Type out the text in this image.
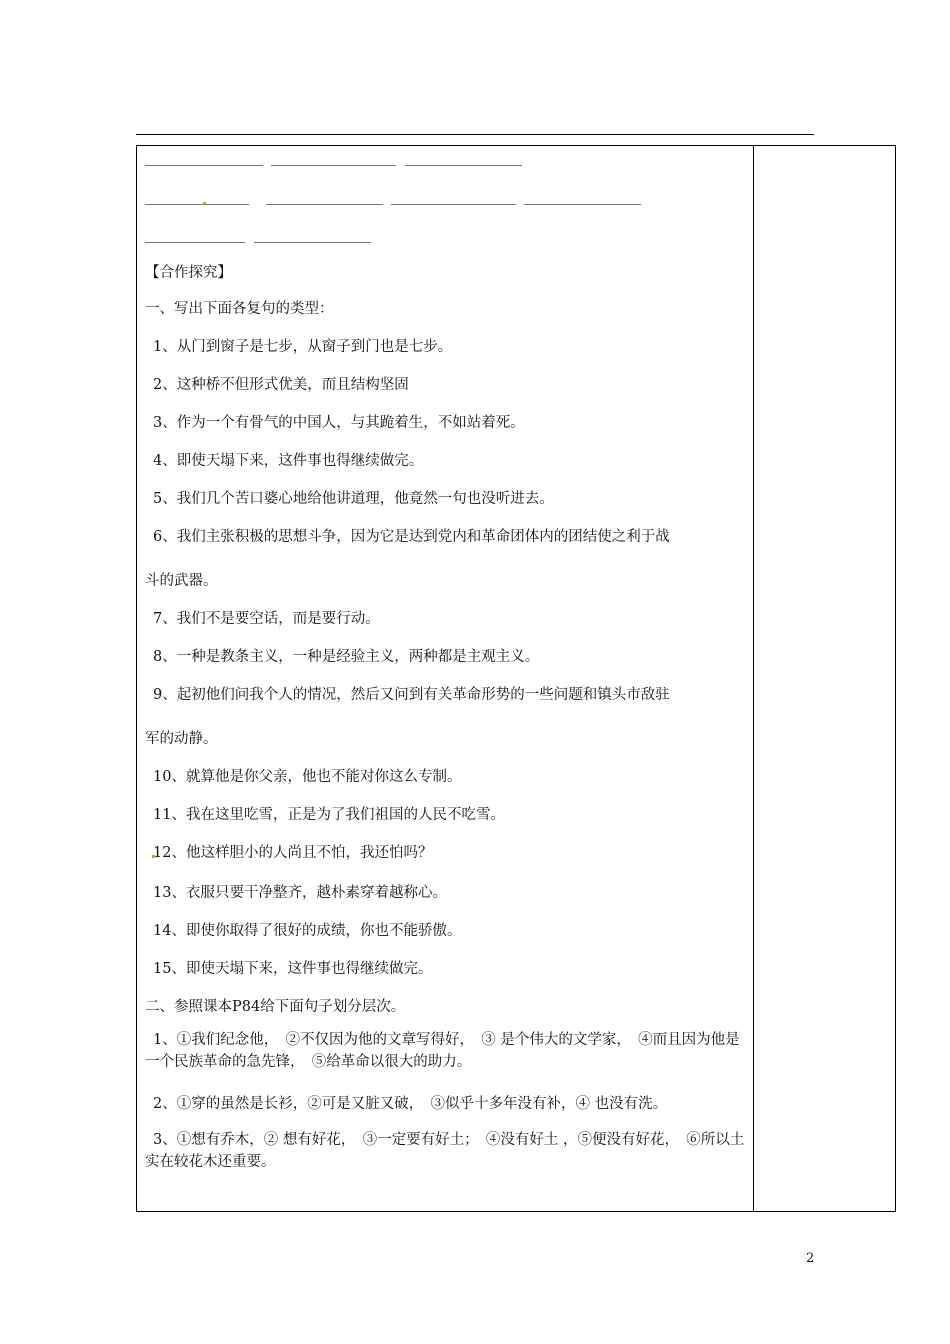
【合作探究】
一、写出下面各复句的类型：
1、从门到窗子是七步，从窗子到门也是七步。
2、这种桥不但形式优美，而且结构坚固
3、作为一个有骨气的中国人，与其跪着生，不如站着死。
4、即使天塌下来，这件事也得继续做完。
5、我们几个苦口婆心地给他讲道理，他竟然一句也没听进去。
6、我们主张积极的思想斗争，因为它是达到党内和革命团体内的团结使之利于战
斗的武器。
7、我们不是要空话，而是要行动。
8、一种是教条主义，一种是经验主义，两种都是主观主义。
9、起初他们问我个人的情况，然后又问到有关革命形势的一些问题和镇头市敌驻
军的动静。
10、就算他是你父亲，他也不能对你这么专制。
11、我在这里吃雪，正是为了我们祖国的人民不吃雪。
12、他这样胆小的人尚且不怕，我还怕吗？
13、衣服只要干净整齐，越朴素穿着越称心。
14、即使你取得了很好的成绩，你也不能骄傲。
15、即使天塌下来，这件事也得继续做完。
二、参照课本P84给下面句子划分层次。
1、①我们纪念他，　②不仅因为他的文章写得好，　③ 是个伟大的文学家，　④而且因为他是一个民族革命的急先锋，　⑤给革命以很大的助力。
2、①穿的虽然是长衫，②可是又脏又破，　③似乎十多年没有补，④ 也没有洗。
3、①想有乔木，② 想有好花，　③一定要有好土；　④没有好土 ，⑤便没有好花，　⑥所以土实在较花木还重要。
2
